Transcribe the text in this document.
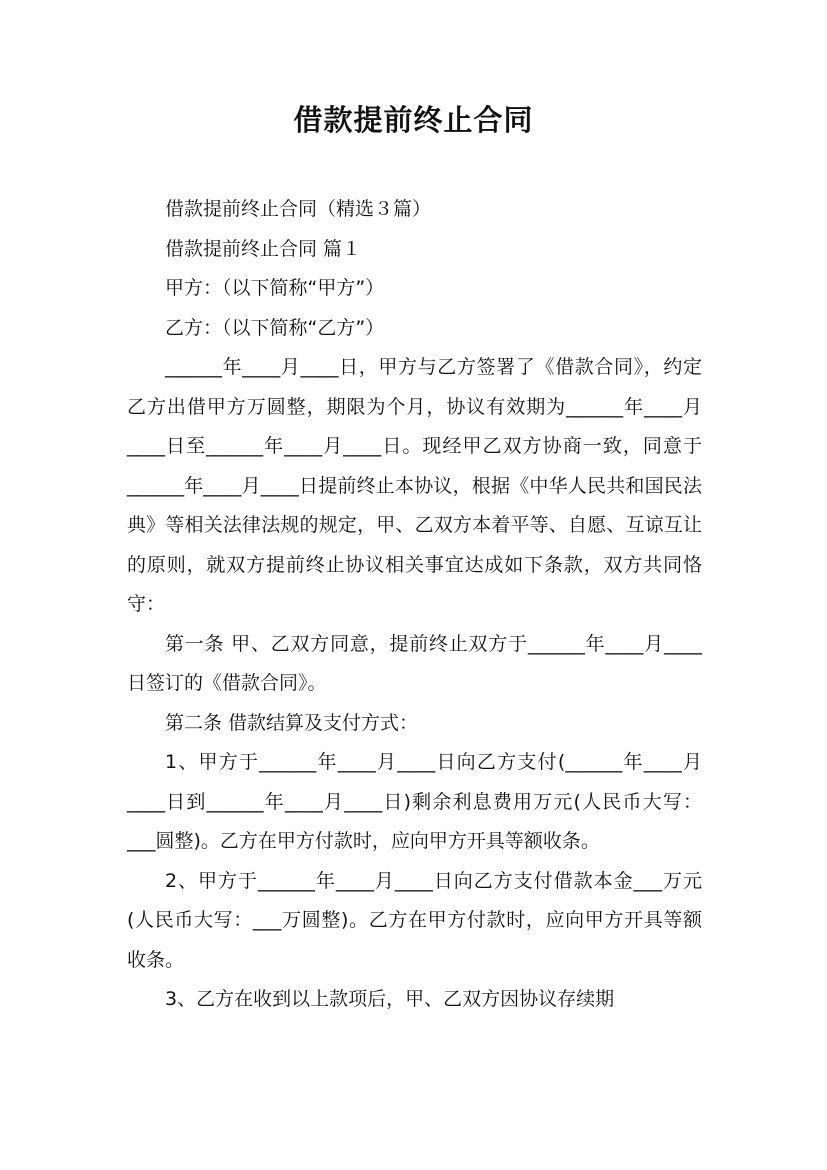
借款提前终止合同

借款提前终止合同（精选３篇）

借款提前终止合同 篇１

甲方：（以下简称“甲方”）

乙方：（以下简称“乙方”）

______年____月____日，甲方与乙方签署了《借款合同》，约定乙方出借甲方万圆整，期限为个月，协议有效期为______年____月____日至______年____月____日。现经甲乙双方协商一致，同意于______年____月____日提前终止本协议，根据《中华人民共和国民法典》等相关法律法规的规定，甲、乙双方本着平等、自愿、互谅互让的原则，就双方提前终止协议相关事宜达成如下条款，双方共同恪守：

第一条 甲、乙双方同意，提前终止双方于______年____月____日签订的《借款合同》。

第二条 借款结算及支付方式：

1、甲方于______年____月____日向乙方支付(______年____月____日到______年____月____日)剩余利息费用万元(人民币大写：___圆整)。乙方在甲方付款时，应向甲方开具等额收条。

2、甲方于______年____月____日向乙方支付借款本金___万元(人民币大写：___万圆整)。乙方在甲方付款时，应向甲方开具等额收条。

3、乙方在收到以上款项后，甲、乙双方因协议存续期
